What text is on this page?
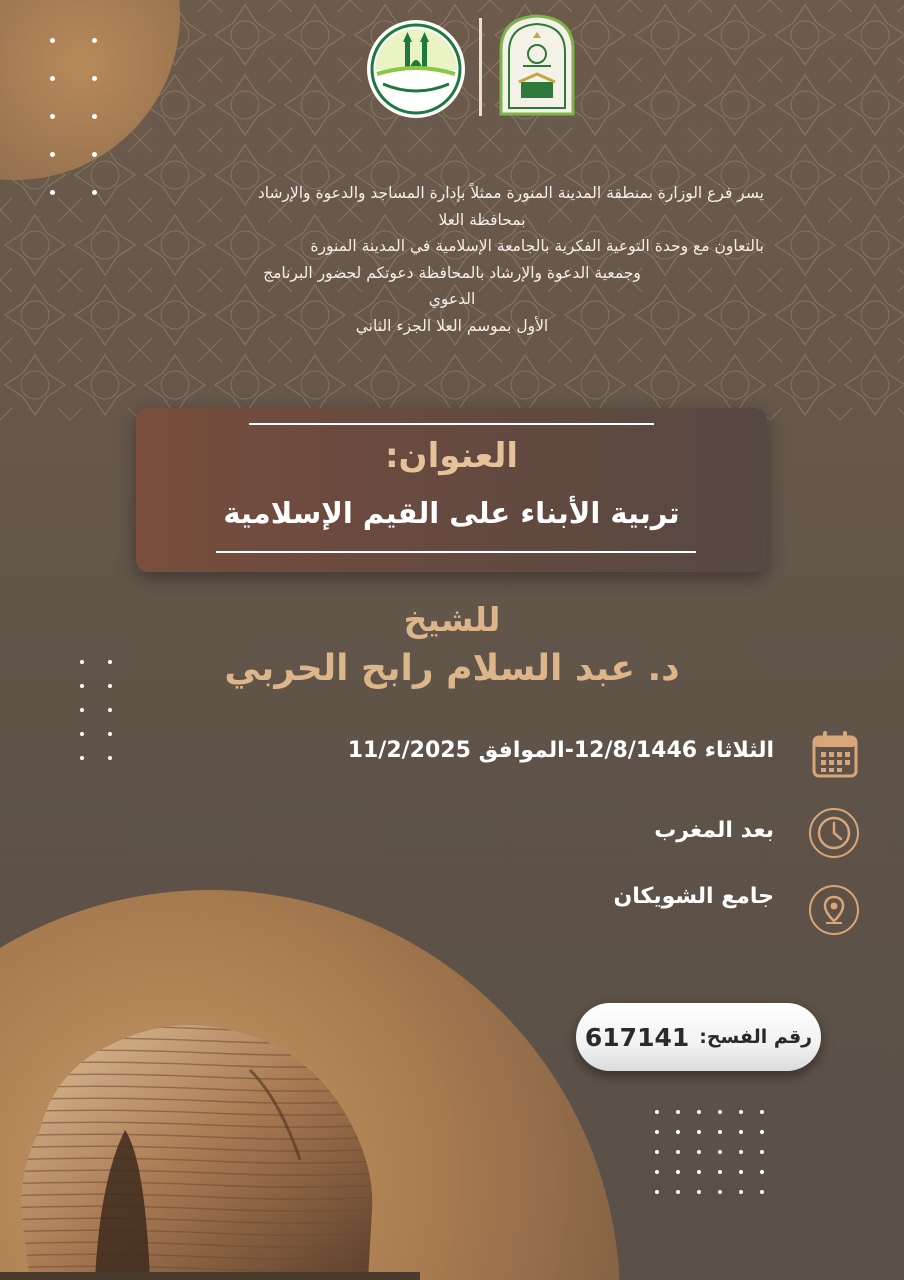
يسر فرع الوزارة بمنطقة المدينة المنورة ممثلاً بإدارة المساجد والدعوة والإرشاد
بمحافظة العلا
بالتعاون مع وحدة التوعية الفكرية بالجامعة الإسلامية في المدينة المنورة
وجمعية الدعوة والإرشاد بالمحافظة دعوتكم لحضور البرنامج
الدعوي
الأول بموسم العلا الجزء الثاني
العنوان:
تربية الأبناء على القيم الإسلامية
للشيخ
د. عبد السلام رابح الحربي
الثلاثاء 12/8/1446-الموافق 11/2/2025
بعد المغرب
جامع الشويكان
رقم الفسح:
617141
